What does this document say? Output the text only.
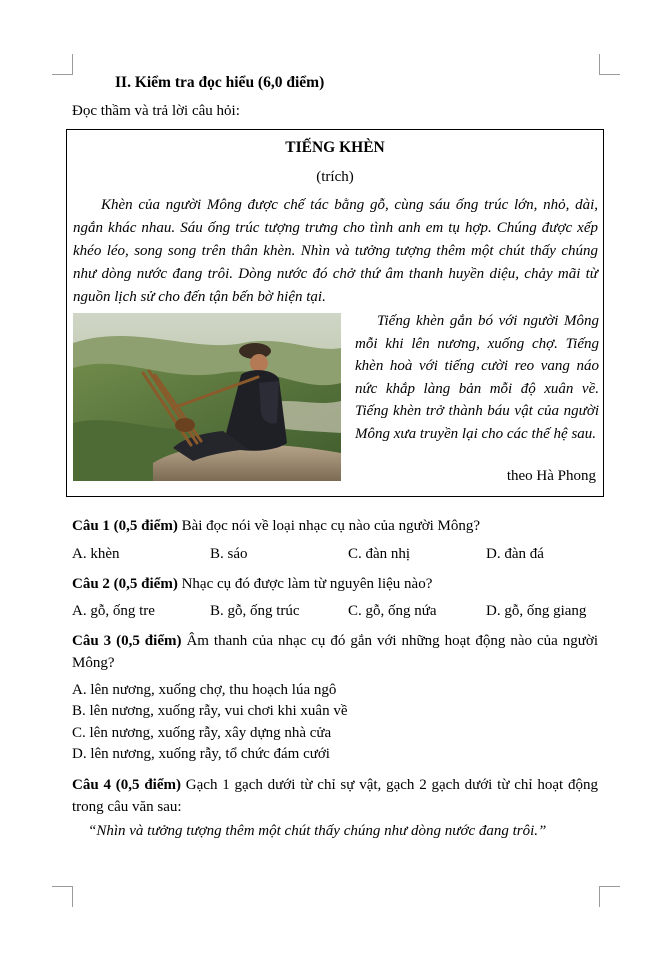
II. Kiểm tra đọc hiểu (6,0 điểm)
Đọc thầm và trả lời câu hỏi:
TIẾNG KHÈN
(trích)
Khèn của người Mông được chế tác bằng gỗ, cùng sáu ống trúc lớn, nhỏ, dài, ngắn khác nhau. Sáu ống trúc tượng trưng cho tình anh em tụ hợp. Chúng được xếp khéo léo, song song trên thân khèn. Nhìn và tưởng tượng thêm một chút thấy chúng như dòng nước đang trôi. Dòng nước đó chở thứ âm thanh huyền diệu, chảy mãi từ nguồn lịch sử cho đến tận bến bờ hiện tại.
Tiếng khèn gắn bó với người Mông mỗi khi lên nương, xuống chợ. Tiếng khèn hoà với tiếng cười reo vang náo nức khắp làng bản mỗi độ xuân về. Tiếng khèn trở thành báu vật của người Mông xưa truyền lại cho các thế hệ sau.
theo Hà Phong
Câu 1 (0,5 điểm) Bài đọc nói về loại nhạc cụ nào của người Mông?
A. khèn	B. sáo	C. đàn nhị	D. đàn đá
Câu 2 (0,5 điểm) Nhạc cụ đó được làm từ nguyên liệu nào?
A. gỗ, ống tre	B. gỗ, ống trúc	C. gỗ, ống nứa	D. gỗ, ống giang
Câu 3 (0,5 điểm) Âm thanh của nhạc cụ đó gắn với những hoạt động nào của người Mông?
A. lên nương, xuống chợ, thu hoạch lúa ngô
B. lên nương, xuống rẫy, vui chơi khi xuân về
C. lên nương, xuống rẫy, xây dựng nhà cửa
D. lên nương, xuống rẫy, tổ chức đám cưới
Câu 4 (0,5 điểm) Gạch 1 gạch dưới từ chỉ sự vật, gạch 2 gạch dưới từ chỉ hoạt động trong câu văn sau:
“Nhìn và tưởng tượng thêm một chút thấy chúng như dòng nước đang trôi.”
